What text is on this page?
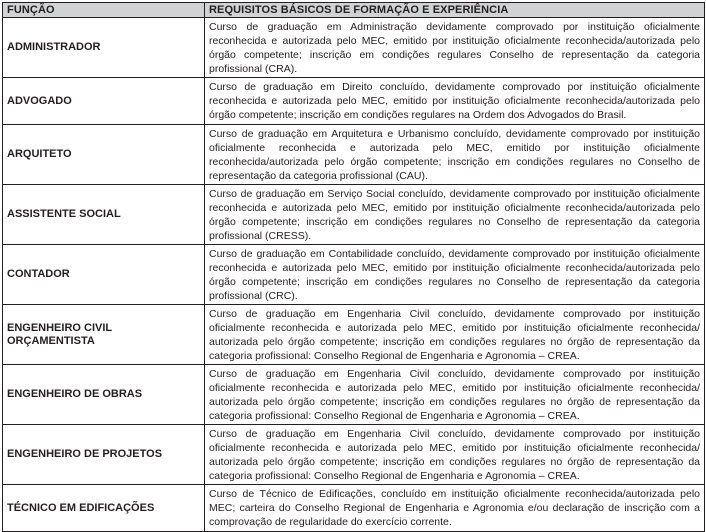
FUNÇÃO	REQUISITOS BÁSICOS DE FORMAÇÃO E EXPERIÊNCIA
ADMINISTRADOR	Curso de graduação em Administração devidamente comprovado por instituição oficialmente reconhecida e autorizada pelo MEC, emitido por instituição oficialmente reconhecida/autorizada pelo órgão competente; inscrição em condições regulares Conselho de representação da categoria profissional (CRA).
ADVOGADO	Curso de graduação em Direito concluído, devidamente comprovado por instituição oficialmente reconhecida e autorizada pelo MEC, emitido por instituição oficialmente reconhecida/autorizada pelo órgão competente; inscrição em condições regulares na Ordem dos Advogados do Brasil.
ARQUITETO	Curso de graduação em Arquitetura e Urbanismo concluído, devidamente comprovado por instituição oficialmente reconhecida e autorizada pelo MEC, emitido por instituição oficialmente reconhecida/autorizada pelo órgão competente; inscrição em condições regulares no Conselho de representação da categoria profissional (CAU).
ASSISTENTE SOCIAL	Curso de graduação em Serviço Social concluído, devidamente comprovado por instituição oficialmente reconhecida e autorizada pelo MEC, emitido por instituição oficialmente reconhecida/autorizada pelo órgão competente; inscrição em condições regulares no Conselho de representação da categoria profissional (CRESS).
CONTADOR	Curso de graduação em Contabilidade concluído, devidamente comprovado por instituição oficialmente reconhecida e autorizada pelo MEC, emitido por instituição oficialmente reconhecida/autorizada pelo órgão competente; inscrição em condições regulares no Conselho de representação da categoria profissional (CRC).
ENGENHEIRO CIVIL ORÇAMENTISTA	Curso de graduação em Engenharia Civil concluído, devidamente comprovado por instituição oficialmente reconhecida e autorizada pelo MEC, emitido por instituição oficialmente reconhecida/ autorizada pelo órgão competente; inscrição em condições regulares no órgão de representação da categoria profissional: Conselho Regional de Engenharia e Agronomia – CREA.
ENGENHEIRO DE OBRAS	Curso de graduação em Engenharia Civil concluído, devidamente comprovado por instituição oficialmente reconhecida e autorizada pelo MEC, emitido por instituição oficialmente reconhecida/ autorizada pelo órgão competente; inscrição em condições regulares no órgão de representação da categoria profissional: Conselho Regional de Engenharia e Agronomia – CREA.
ENGENHEIRO DE PROJETOS	Curso de graduação em Engenharia Civil concluído, devidamente comprovado por instituição oficialmente reconhecida e autorizada pelo MEC, emitido por instituição oficialmente reconhecida/ autorizada pelo órgão competente; inscrição em condições regulares no órgão de representação da categoria profissional: Conselho Regional de Engenharia e Agronomia – CREA.
TÉCNICO EM EDIFICAÇÕES	Curso de Técnico de Edificações, concluído em instituição oficialmente reconhecida/autorizada pelo MEC; carteira do Conselho Regional de Engenharia e Agronomia e/ou declaração de inscrição com a comprovação de regularidade do exercício corrente.
